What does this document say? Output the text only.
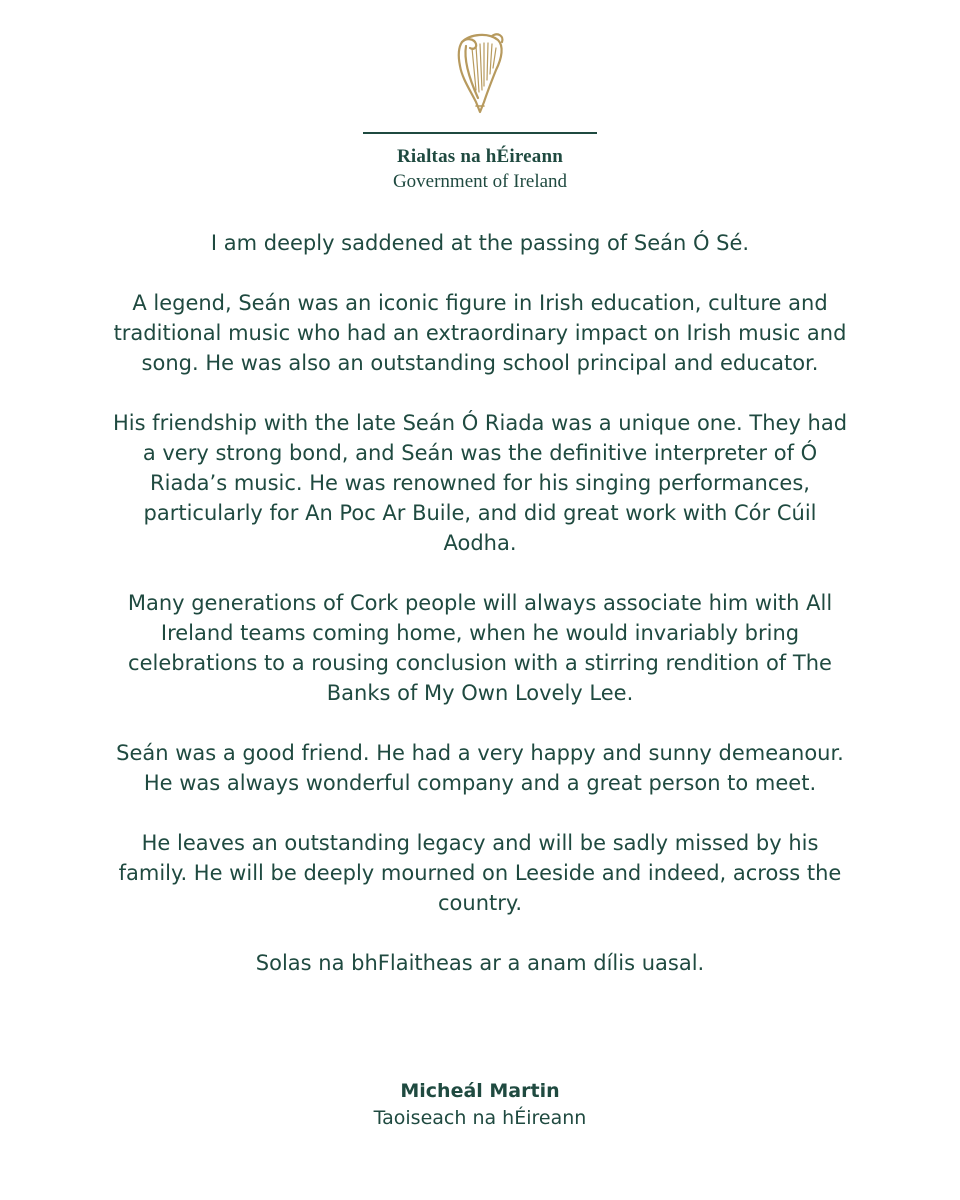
Rialtas na hÉireann
Government of Ireland

I am deeply saddened at the passing of Seán Ó Sé.

A legend, Seán was an iconic figure in Irish education, culture and traditional music who had an extraordinary impact on Irish music and song. He was also an outstanding school principal and educator.

His friendship with the late Seán Ó Riada was a unique one. They had a very strong bond, and Seán was the definitive interpreter of Ó Riada’s music. He was renowned for his singing performances, particularly for An Poc Ar Buile, and did great work with Cór Cúil Aodha.

Many generations of Cork people will always associate him with All Ireland teams coming home, when he would invariably bring celebrations to a rousing conclusion with a stirring rendition of The Banks of My Own Lovely Lee.

Seán was a good friend. He had a very happy and sunny demeanour. He was always wonderful company and a great person to meet.

He leaves an outstanding legacy and will be sadly missed by his family. He will be deeply mourned on Leeside and indeed, across the country.

Solas na bhFlaitheas ar a anam dílis uasal.

Micheál Martin
Taoiseach na hÉireann
